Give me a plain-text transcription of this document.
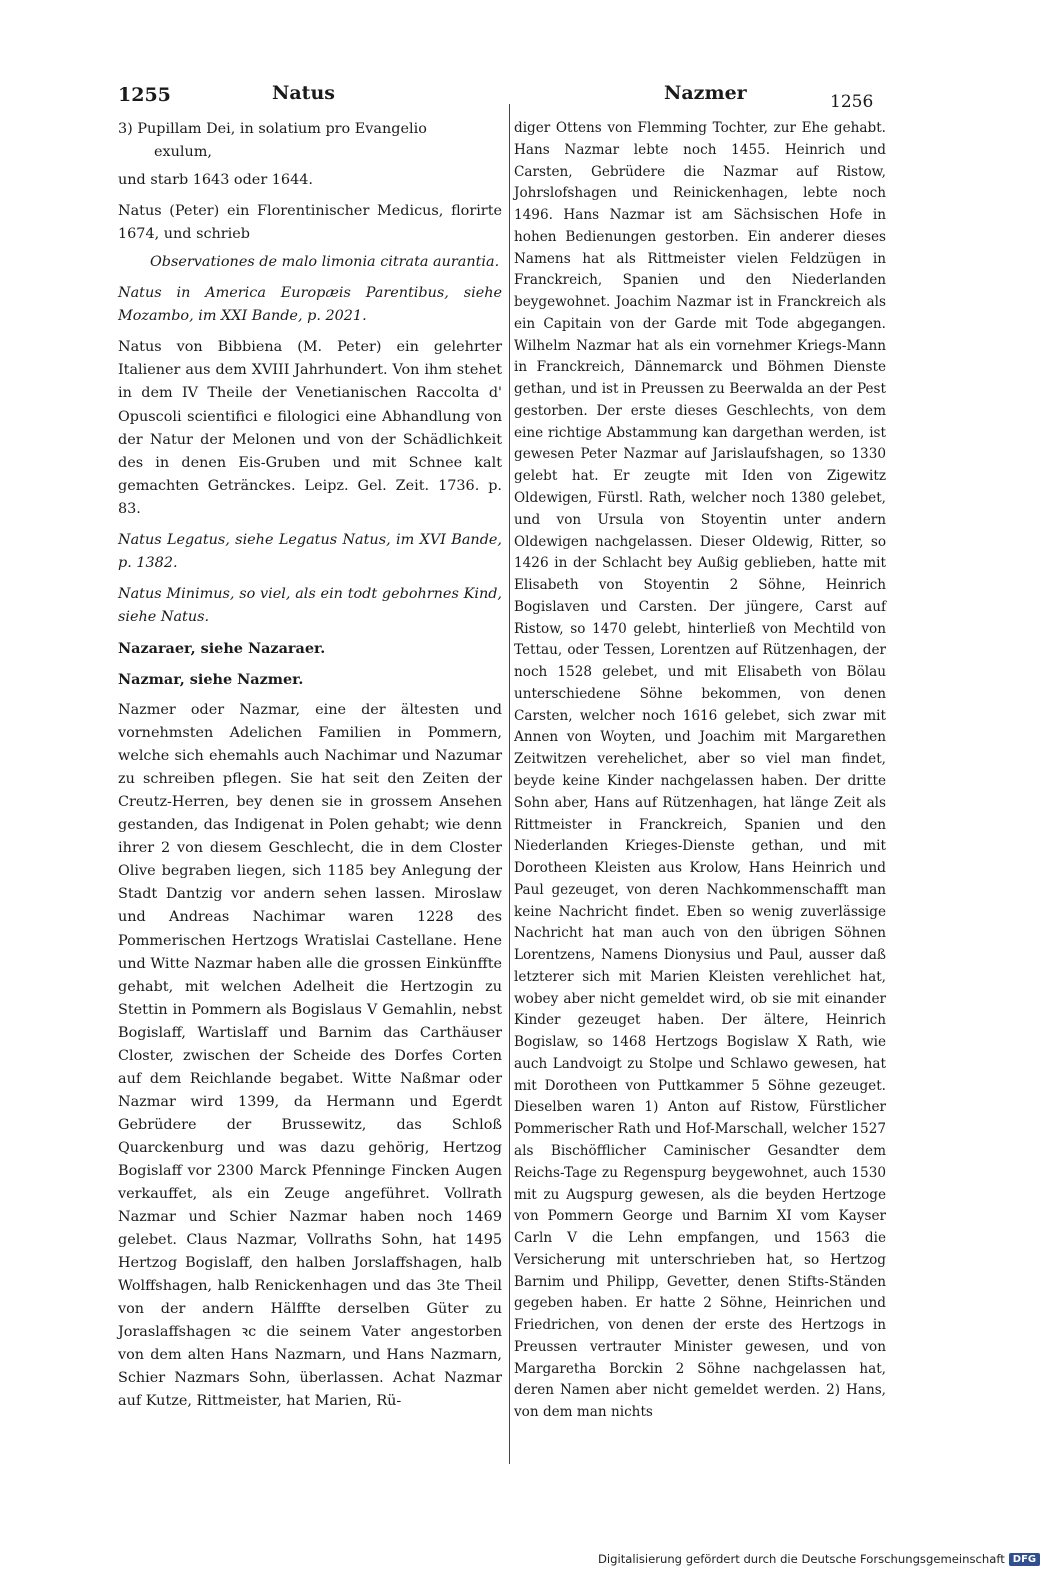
1255	Natus	Nazmer	1256

3) Pupillam Dei, in solatium pro Evangelio
exulum,

und starb 1643 oder 1644.

Natus (Peter) ein Florentinischer Medicus, florirte 1674, und schrieb

Observationes de malo limonia citrata aurantia.

Natus in America Europæis Parentibus, siehe Mozambo, im XXI Bande, p. 2021.

Natus von Bibbiena (M. Peter) ein gelehrter Italiener aus dem XVIII Jahrhundert. Von ihm stehet in dem IV Theile der Venetianischen Raccolta d' Opuscoli scientifici e filologici eine Abhandlung von der Natur der Melonen und von der Schädlichkeit des in denen Eis-Gruben und mit Schnee kalt gemachten Getränckes. Leipz. Gel. Zeit. 1736. p. 83.

Natus Legatus, siehe Legatus Natus, im XVI Bande, p. 1382.

Natus Minimus, so viel, als ein todt gebohrnes Kind, siehe Natus.

Nazaraer, siehe Nazaraer.

Nazmar, siehe Nazmer.

Nazmer oder Nazmar, eine der ältesten und vornehmsten Adelichen Familien in Pommern, welche sich ehemahls auch Nachimar und Nazumar zu schreiben pflegen. Sie hat seit den Zeiten der Creutz-Herren, bey denen sie in grossem Ansehen gestanden, das Indigenat in Polen gehabt; wie denn ihrer 2 von diesem Geschlecht, die in dem Closter Olive begraben liegen, sich 1185 bey Anlegung der Stadt Dantzig vor andern sehen lassen. Miroslaw und Andreas Nachimar waren 1228 des Pommerischen Hertzogs Wratislai Castellane. Hene und Witte Nazmar haben alle die grossen Einkünffte gehabt, mit welchen Adelheit die Hertzogin zu Stettin in Pommern als Bogislaus V Gemahlin, nebst Bogislaff, Wartislaff und Barnim das Carthäuser Closter, zwischen der Scheide des Dorfes Corten auf dem Reichlande begabet. Witte Naßmar oder Nazmar wird 1399, da Hermann und Egerdt Gebrüdere der Brussewitz, das Schloß Quarckenburg und was dazu gehörig, Hertzog Bogislaff vor 2300 Marck Pfenninge Fincken Augen verkauffet, als ein Zeuge angeführet. Vollrath Nazmar und Schier Nazmar haben noch 1469 gelebet. Claus Nazmar, Vollraths Sohn, hat 1495 Hertzog Bogislaff, den halben Jorslaffshagen, halb Wolffshagen, halb Renickenhagen und das 3te Theil von der andern Hälffte derselben Güter zu Joraslaffshagen ꝛc die seinem Vater angestorben von dem alten Hans Nazmarn, und Hans Nazmarn, Schier Nazmars Sohn, überlassen. Achat Nazmar auf Kutze, Rittmeister, hat Marien, Rü-

diger Ottens von Flemming Tochter, zur Ehe gehabt. Hans Nazmar lebte noch 1455. Heinrich und Carsten, Gebrüdere die Nazmar auf Ristow, Johrslofshagen und Reinickenhagen, lebte noch 1496. Hans Nazmar ist am Sächsischen Hofe in hohen Bedienungen gestorben. Ein anderer dieses Namens hat als Rittmeister vielen Feldzügen in Franckreich, Spanien und den Niederlanden beygewohnet. Joachim Nazmar ist in Franckreich als ein Capitain von der Garde mit Tode abgegangen. Wilhelm Nazmar hat als ein vornehmer Kriegs-Mann in Franckreich, Dännemarck und Böhmen Dienste gethan, und ist in Preussen zu Beerwalda an der Pest gestorben. Der erste dieses Geschlechts, von dem eine richtige Abstammung kan dargethan werden, ist gewesen Peter Nazmar auf Jarislaufshagen, so 1330 gelebt hat. Er zeugte mit Iden von Zigewitz Oldewigen, Fürstl. Rath, welcher noch 1380 gelebet, und von Ursula von Stoyentin unter andern Oldewigen nachgelassen. Dieser Oldewig, Ritter, so 1426 in der Schlacht bey Außig geblieben, hatte mit Elisabeth von Stoyentin 2 Söhne, Heinrich Bogislaven und Carsten. Der jüngere, Carst auf Ristow, so 1470 gelebt, hinterließ von Mechtild von Tettau, oder Tessen, Lorentzen auf Rützenhagen, der noch 1528 gelebet, und mit Elisabeth von Bölau unterschiedene Söhne bekommen, von denen Carsten, welcher noch 1616 gelebet, sich zwar mit Annen von Woyten, und Joachim mit Margarethen Zeitwitzen verehelichet, aber so viel man findet, beyde keine Kinder nachgelassen haben. Der dritte Sohn aber, Hans auf Rützenhagen, hat länge Zeit als Rittmeister in Franckreich, Spanien und den Niederlanden Krieges-Dienste gethan, und mit Dorotheen Kleisten aus Krolow, Hans Heinrich und Paul gezeuget, von deren Nachkommenschafft man keine Nachricht findet. Eben so wenig zuverlässige Nachricht hat man auch von den übrigen Söhnen Lorentzens, Namens Dionysius und Paul, ausser daß letzterer sich mit Marien Kleisten verehlichet hat, wobey aber nicht gemeldet wird, ob sie mit einander Kinder gezeuget haben. Der ältere, Heinrich Bogislaw, so 1468 Hertzogs Bogislaw X Rath, wie auch Landvoigt zu Stolpe und Schlawo gewesen, hat mit Dorotheen von Puttkammer 5 Söhne gezeuget. Dieselben waren 1) Anton auf Ristow, Fürstlicher Pommerischer Rath und Hof-Marschall, welcher 1527 als Bischöfflicher Caminischer Gesandter dem Reichs-Tage zu Regenspurg beygewohnet, auch 1530 mit zu Augspurg gewesen, als die beyden Hertzoge von Pommern George und Barnim XI vom Kayser Carln V die Lehn empfangen, und 1563 die Versicherung mit unterschrieben hat, so Hertzog Barnim und Philipp, Gevetter, denen Stifts-Ständen gegeben haben. Er hatte 2 Söhne, Heinrichen und Friedrichen, von denen der erste des Hertzogs in Preussen vertrauter Minister gewesen, und von Margaretha Borckin 2 Söhne nachgelassen hat, deren Namen aber nicht gemeldet werden. 2) Hans, von dem man nichts

Digitalisierung gefördert durch die Deutsche Forschungsgemeinschaft DFG
